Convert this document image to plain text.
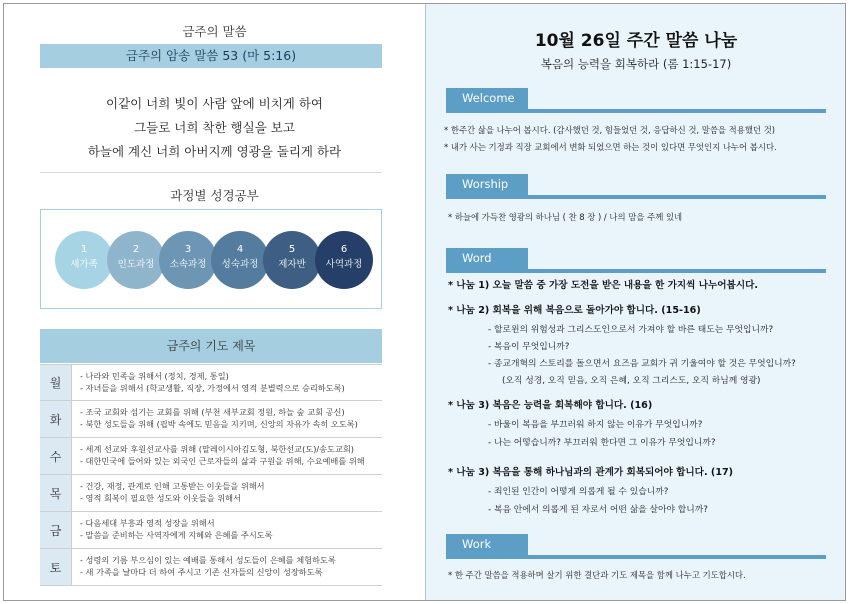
금주의 말씀
금주의 암송 말씀 53 (마 5:16)
이같이 너희 빛이 사람 앞에 비치게 하여
그들로 너희 착한 행실을 보고
하늘에 계신 너희 아버지께 영광을 돌리게 하라
과정별 성경공부
1
새가족
2
인도과정
3
소속과정
4
성숙과정
5
제자반
6
사역과정
금주의 기도 제목
월	- 나라와 민족을 위해서 (정치, 경제, 통일)
- 자녀들을 위해서 (학교생활, 직장, 가정에서 영적 분별력으로 승리하도록)
화
- 조국 교회와 섬기는 교회를 위해 (부천 새부교회 정원, 하늘 숲 교회 공신)
- 북한 성도들을 위해 (핍박 속에도 믿음을 지키며, 신앙의 자유가 속히 오도록)
수
- 세계 선교와 후원선교사를 위해 (말레이시아김도형, 북한선교(도)/송도교회)
- 대한민국에 들어와 있는 외국인 근로자들의 삶과 구원을 위해, 수요예배를 위해
목
- 건강, 재정, 관계로 인해 고통받는 이웃들을 위해서
- 영적 회복이 필요한 성도와 이웃들을 위해서
금
- 다음세대 부흥과 영적 성장을 위해서
- 말씀을 준비하는 사역자에게 지혜와 은혜를 주시도록
토
- 성령의 기름 부으심이 있는 예배를 통해서 성도들이 은혜를 체험하도록
- 새 가족을 날마다 더 하여 주시고 기존 신자들의 신앙이 성장하도록
10월 26일 주간 말씀 나눔
복음의 능력을 회복하라 (롬 1:15-17)
Welcome
* 한주간 삶을 나누어 봅시다. (감사했던 것, 힘들었던 것, 응답하신 것, 말씀을 적용했던 것)
* 내가 사는 기정과 직장 교회에서 변화 되었으면 하는 것이 있다면 무엇인지 나누어 봅시다.
Worship
* 하늘에 가득찬 영광의 하나님 ( 찬 8 장 ) / 나의 맘을 주께 있네
Word
* 나눔 1) 오늘 말씀 중 가장 도전을 받은 내용을 한 가지씩 나누어봅시다.
* 나눔 2) 회복을 위해 복음으로 돌아가야 합니다. (15-16)
- 할로윈의 위험성과 그리스도인으로서 가져야 할 바른 태도는 무엇입니까?
- 복음이 무엇입니까?
- 종교개혁의 스토리를 돌으면서 요즈음 교회가 귀 기울여야 할 것은 무엇입니까?
(오직 성경, 오직 믿음, 오직 은혜, 오직 그리스도, 오직 하님께 영광)
* 나눔 3) 복음은 능력을 회복해야 합니다. (16)
- 바울이 복음을 부끄러워 하지 않는 이유가 무엇입니까?
- 나는 어떻습니까? 부끄러워 한다면 그 이유가 무엇입니까?
* 나눔 3) 복음을 통해 하나님과의 관계가 회복되어야 합니다. (17)
- 죄인된 인간이 어떻게 의롭게 될 수 있습니까?
- 복음 안에서 의롭게 된 자로서 어떤 삶을 살아야 합니까?
Work
* 한 주간 말씀을 적용하며 살기 위한 결단과 기도 제목을 함께 나누고 기도합시다.
